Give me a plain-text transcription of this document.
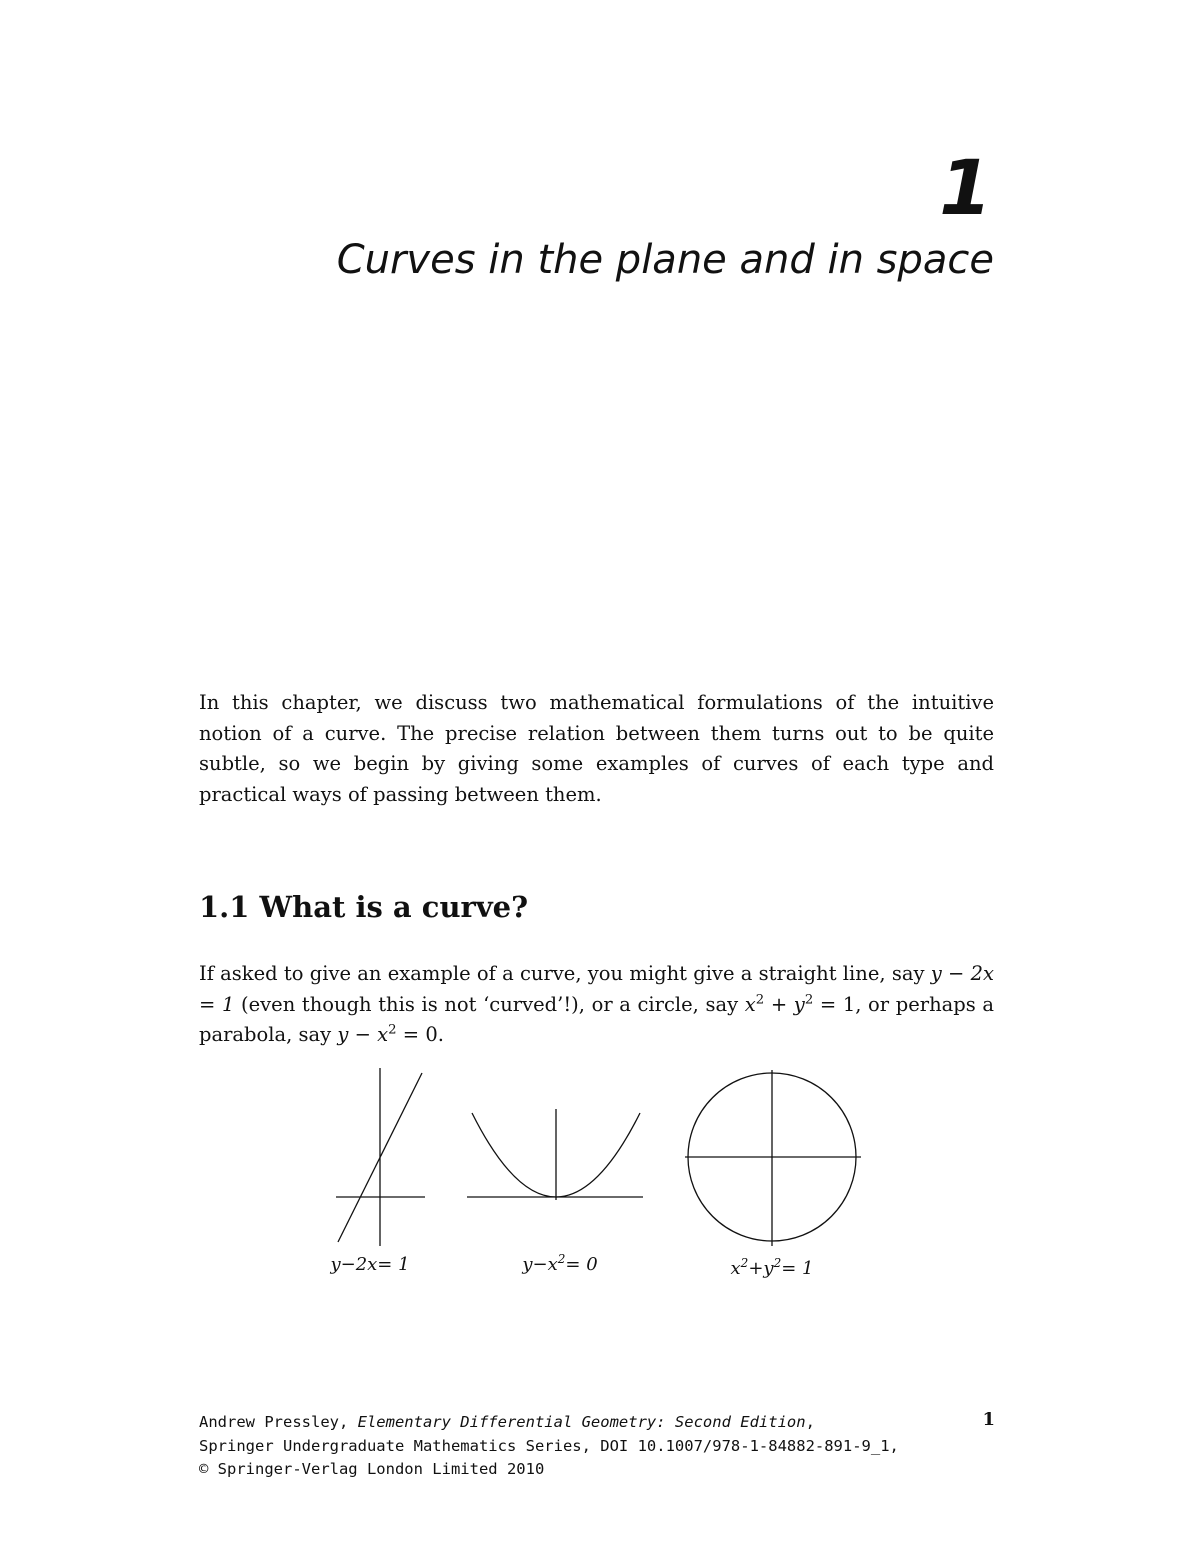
1
Curves in the plane and in space

In this chapter, we discuss two mathematical formulations of the intuitive notion of a curve. The precise relation between them turns out to be quite subtle, so we begin by giving some examples of curves of each type and practical ways of passing between them.

1.1 What is a curve?

If asked to give an example of a curve, you might give a straight line, say y − 2x = 1 (even though this is not ‘curved’!), or a circle, say $x^2 + y^2 = 1$, or perhaps a parabola, say $y - x^2 = 0$.

y−2x= 1	$y-x^2= 0$	$x^2+y^2= 1$
Andrew Pressley, Elementary Differential Geometry: Second Edition,
Springer Undergraduate Mathematics Series, DOI 10.1007/978-1-84882-891-9_1,
© Springer-Verlag London Limited 2010
1
